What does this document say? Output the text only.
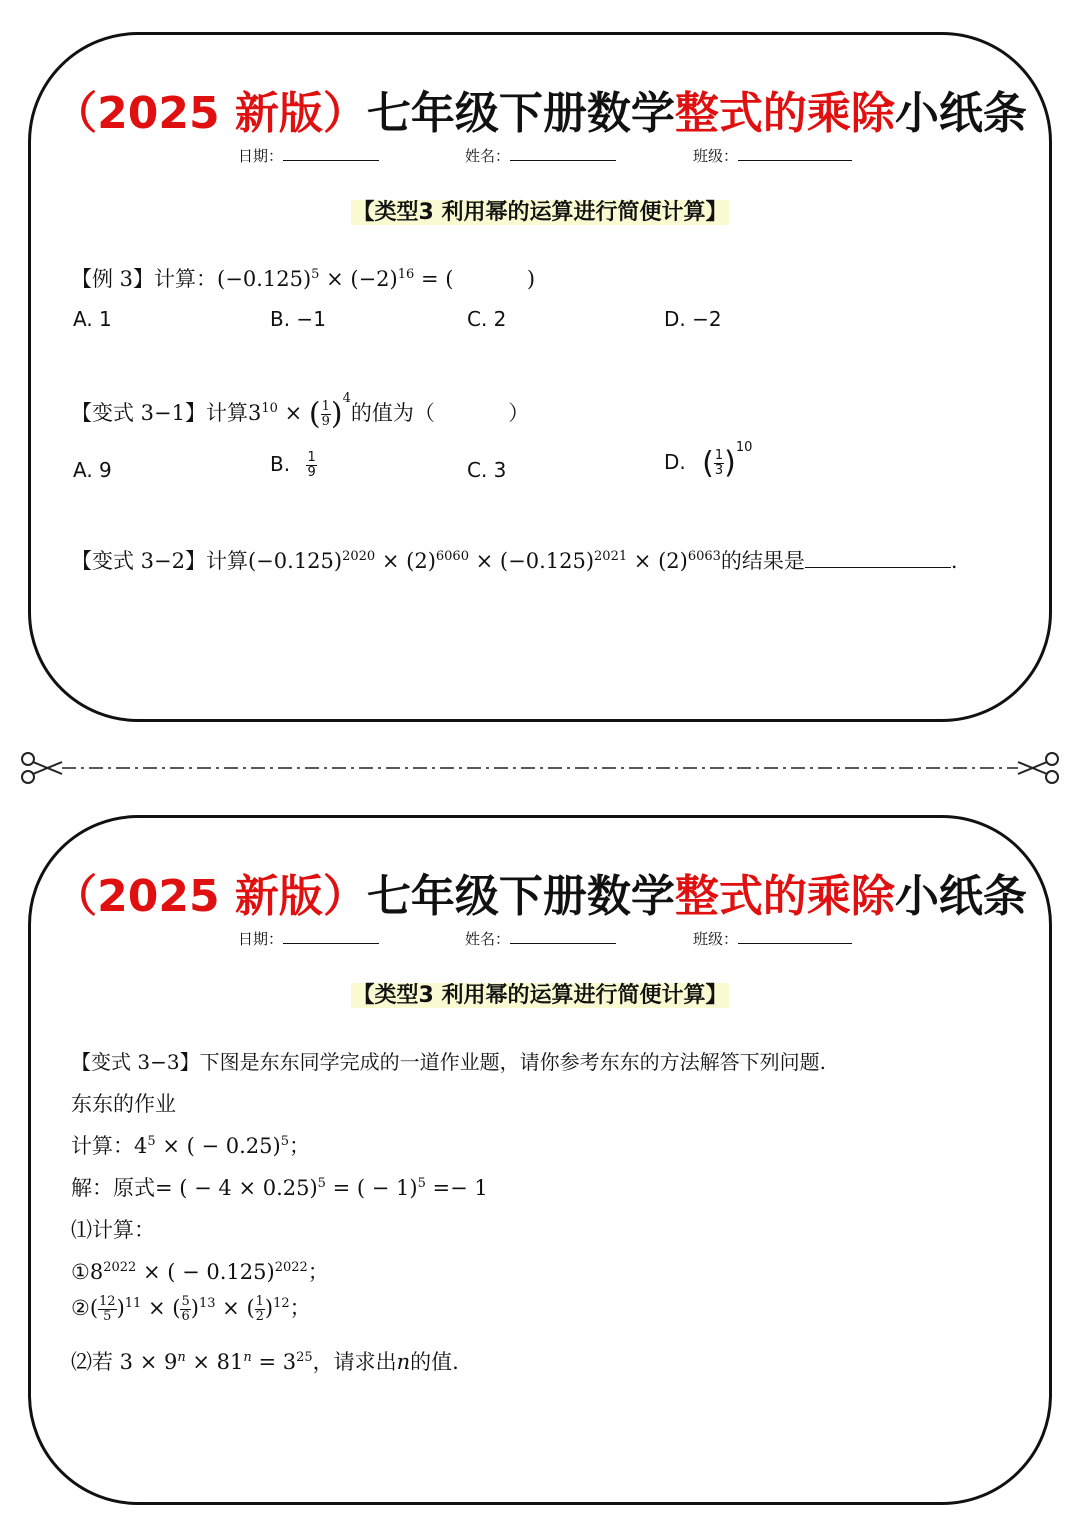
（2025 新版）七年级下册数学整式的乘除小纸条
日期：	姓名：	班级：
【类型3 利用幂的运算进行简便计算】
【例 3】计算：$(-0.125)^5 \times (-2)^{16}$ = (           )
A. 1	B. −1	C. 2	D. −2
【变式 3−1】计算$3^{10}$ × ( $\frac{1}{9} )^4$的值为（           ）
A. 9	B. $\frac{1}{9}$	C. 3	D. ( $\frac{1}{3} )^{10}$
【变式 3−2】计算$(-0.125)^{2020} \times (2)^{6060} \times (-0.125)^{2021} \times (2)^{6063}$的结果是	.
（2025 新版）七年级下册数学整式的乘除小纸条
日期：	姓名：	班级：
【类型3 利用幂的运算进行简便计算】
【变式 3−3】下图是东东同学完成的一道作业题，请你参考东东的方法解答下列问题.
东东的作业
计算：$4^5$ × ( − 0.25)$^5$；
解：原式= ( − 4 × 0.25)$^5$ = ( − 1)$^5$ =− 1
⑴计算：
$①8^{2022}$ × ( − 0.125)$^{2022}$；
②( $\frac{12}{5} )^{11}$ × ( $\frac{5}{6} )^{13}$ × ( $\frac{1}{2} )^{12}$；
⑵若 $3 \times 9^n \times 81^n = 3^{25}$，请求出n的值.
